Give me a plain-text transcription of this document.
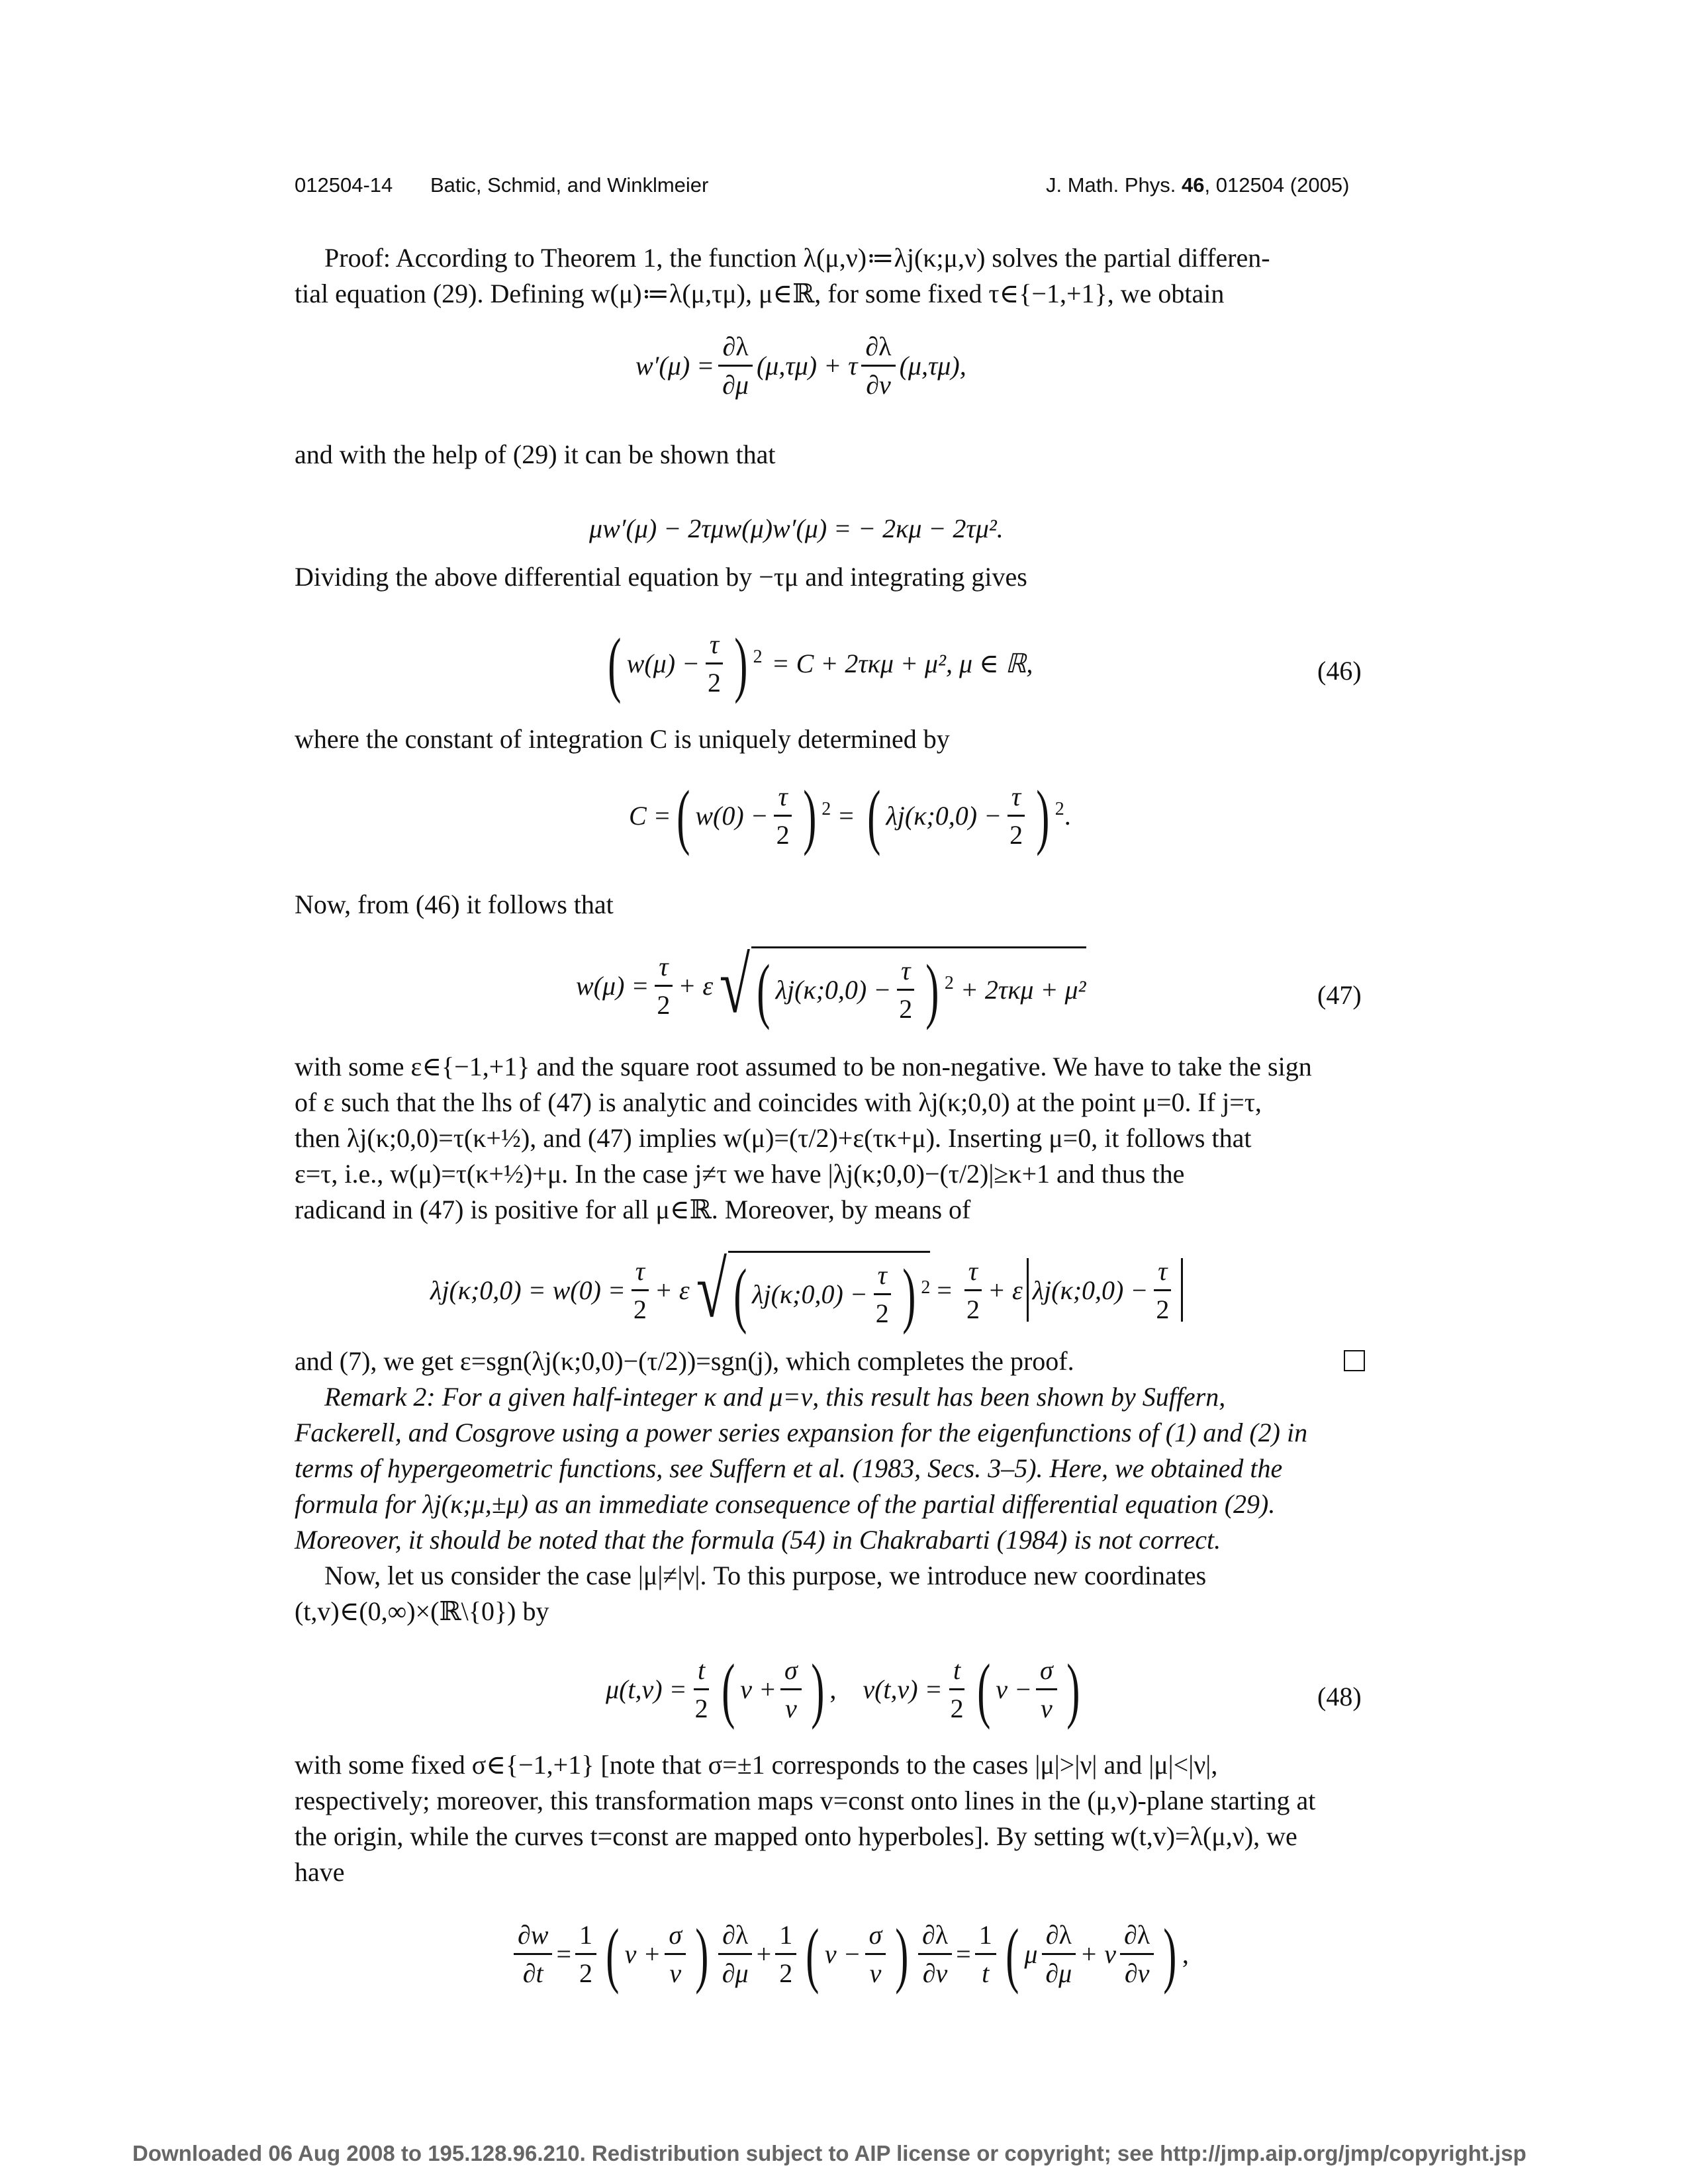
012504-14 Batic, Schmid, and Winklmeier	J. Math. Phys. 46, 012504 (2005)
Proof: According to Theorem 1, the function λ(μ,ν)≔λj(κ;μ,ν) solves the partial differen-
tial equation (29). Defining w(μ)≔λ(μ,τμ), μ∈ℝ, for some fixed τ∈{−1,+1}, we obtain
$w'(\mu) = \frac{\partial\lambda}{\partial\mu} (\mu,\tau\mu) + \tau \frac{\partial\lambda}{\partial\nu} (\mu,\tau\mu)$,
and with the help of (29) it can be shown that
μw′(μ) − 2τμw(μ)w′(μ) = − 2κμ − 2τμ².
Dividing the above differential equation by −τμ and integrating gives
( $w(\mu) - \frac{\tau}{2}$ ) 2 = C + 2τκμ + μ², μ ∈ ℝ,	(46)
where the constant of integration C is uniquely determined by
C = ( $w(0) - \frac{\tau}{2}$ ) 2 = ( λj(κ;0,0) − $\frac{\tau}{2}$ ) 2 .
Now, from (46) it follows that
$w(\mu) = \frac{\tau}{2} + \varepsilon$ √ ( λj(κ;0,0) − $\frac{\tau}{2}$ ) 2 + 2τκμ + μ²	(47)
with some ε∈{−1,+1} and the square root assumed to be non-negative. We have to take the sign
of ε such that the lhs of (47) is analytic and coincides with λj(κ;0,0) at the point μ=0. If j=τ,
then λj(κ;0,0)=τ(κ+½), and (47) implies w(μ)=(τ/2)+ε(τκ+μ). Inserting μ=0, it follows that
ε=τ, i.e., w(μ)=τ(κ+½)+μ. In the case j≠τ we have |λj(κ;0,0)−(τ/2)|≥κ+1 and thus the
radicand in (47) is positive for all μ∈ℝ. Moreover, by means of
λj(κ;0,0) = $w(0) = \frac{\tau}{2} + \varepsilon$ √ ( λj(κ;0,0) − $\frac{\tau}{2}$ ) $2 = \frac{\tau}{2} + \varepsilon$ λj(κ;0,0) − $\frac{\tau}{2}$
and (7), we get ε=sgn(λj(κ;0,0)−(τ/2))=sgn(j), which completes the proof.
Remark 2: For a given half-integer κ and μ=ν, this result has been shown by Suffern,
Fackerell, and Cosgrove using a power series expansion for the eigenfunctions of (1) and (2) in
terms of hypergeometric functions, see Suffern et al. (1983, Secs. 3–5). Here, we obtained the
formula for λj(κ;μ,±μ) as an immediate consequence of the partial differential equation (29).
Moreover, it should be noted that the formula (54) in Chakrabarti (1984) is not correct.
Now, let us consider the case |μ|≠|ν|. To this purpose, we introduce new coordinates
(t,v)∈(0,∞)×(ℝ\{0}) by
$\mu(t,v) = \frac{t}{2}$ ( $v + \frac{\sigma}{v}$ ) , $\nu(t,v) = \frac{t}{2}$ ( $v - \frac{\sigma}{v}$ )	(48)
with some fixed σ∈{−1,+1} [note that σ=±1 corresponds to the cases |μ|>|ν| and |μ|<|ν|,
respectively; moreover, this transformation maps v=const onto lines in the (μ,ν)-plane starting at
the origin, while the curves t=const are mapped onto hyperboles]. By setting w(t,v)=λ(μ,ν), we
have
$\frac{\partial w}{\partial t} = \frac{1}{2}$ ( $v + \frac{\sigma}{v}$ ) $\frac{\partial\lambda}{\partial\mu} + \frac{1}{2}$ ( $v - \frac{\sigma}{v}$ ) $\frac{\partial\lambda}{\partial\nu} = \frac{1}{t}$ ( μ $\frac{\partial\lambda}{\partial\mu} + \nu \frac{\partial\lambda}{\partial\nu}$ ) ,
Downloaded 06 Aug 2008 to 195.128.96.210. Redistribution subject to AIP license or copyright; see http://jmp.aip.org/jmp/copyright.jsp
